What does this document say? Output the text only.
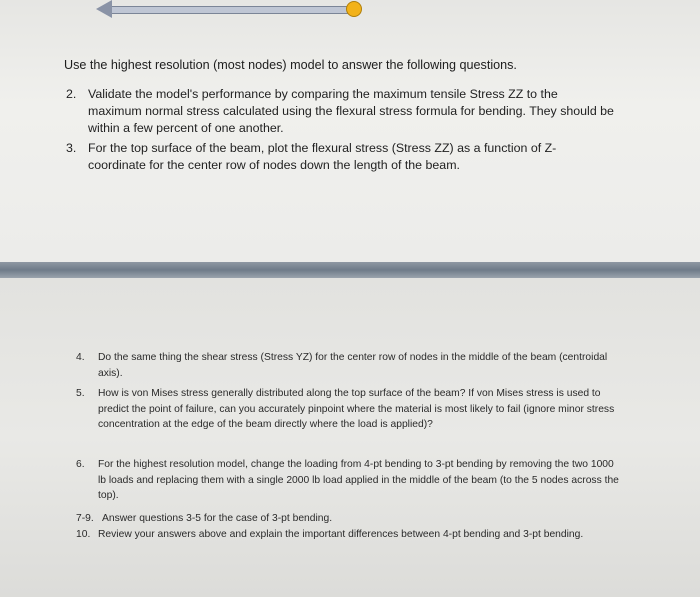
Use the highest resolution (most nodes) model to answer the following questions.
2. Validate the model's performance by comparing the maximum tensile Stress ZZ to the maximum normal stress calculated using the flexural stress formula for bending. They should be within a few percent of one another.
3. For the top surface of the beam, plot the flexural stress (Stress ZZ) as a function of Z-coordinate for the center row of nodes down the length of the beam.
4. Do the same thing the shear stress (Stress YZ) for the center row of nodes in the middle of the beam (centroidal axis).
5. How is von Mises stress generally distributed along the top surface of the beam? If von Mises stress is used to predict the point of failure, can you accurately pinpoint where the material is most likely to fail (ignore minor stress concentration at the edge of the beam directly where the load is applied)?
6. For the highest resolution model, change the loading from 4-pt bending to 3-pt bending by removing the two 1000 lb loads and replacing them with a single 2000 lb load applied in the middle of the beam (to the 5 nodes across the top).
7-9. Answer questions 3-5 for the case of 3-pt bending.
10. Review your answers above and explain the important differences between 4-pt bending and 3-pt bending.
